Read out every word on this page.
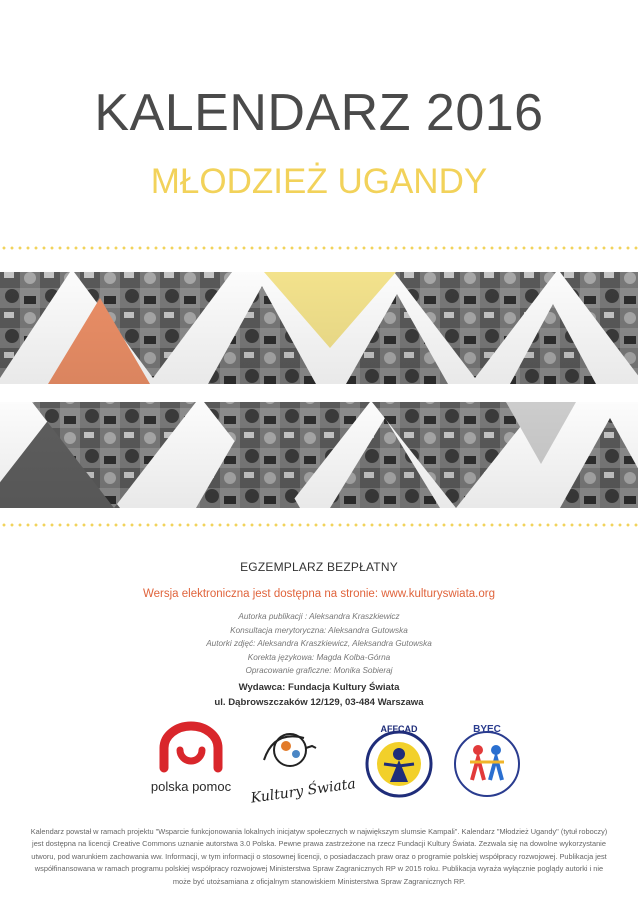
KALENDARZ 2016
MŁODZIEŻ UGANDY
EGZEMPLARZ BEZPŁATNY
Wersja elektroniczna jest dostępna na stronie: www.kulturyswiata.org
Autorka publikacji : Aleksandra Kraszkiewicz
Konsultacja merytoryczna: Aleksandra Gutowska
Autorki zdjęć: Aleksandra Kraszkiewicz, Aleksandra Gutowska
Korekta językowa: Magda Kolba-Górna
Opracowanie graficzne: Monika Sobieraj
Wydawca: Fundacja Kultury Świata
ul. Dąbrowszczaków 12/129, 03-484 Warszawa
polska pomoc	Kultury Świata
AFFCAD	BYEC
Kalendarz powstał w ramach projektu "Wsparcie funkcjonowania lokalnych inicjatyw społecznych w największym slumsie Kampali". Kalendarz "Młodzież Ugandy" (tytuł roboczy) jest dostępna na licencji Creative Commons uznanie autorstwa 3.0 Polska. Pewne prawa zastrzeżone na rzecz Fundacji Kultury Świata. Zezwala się na dowolne wykorzystanie utworu, pod warunkiem zachowania ww. Informacji, w tym informacji o stosownej licencji, o posiadaczach praw oraz o programie polskiej współpracy rozwojowej. Publikacja jest współfinansowana w ramach programu polskiej współpracy rozwojowej Ministerstwa Spraw Zagranicznych RP w 2015 roku. Publikacja wyraża wyłącznie poglądy autorki i nie może być utożsamiana z oficjalnym stanowiskiem Ministerstwa Spraw Zagranicznych RP.
